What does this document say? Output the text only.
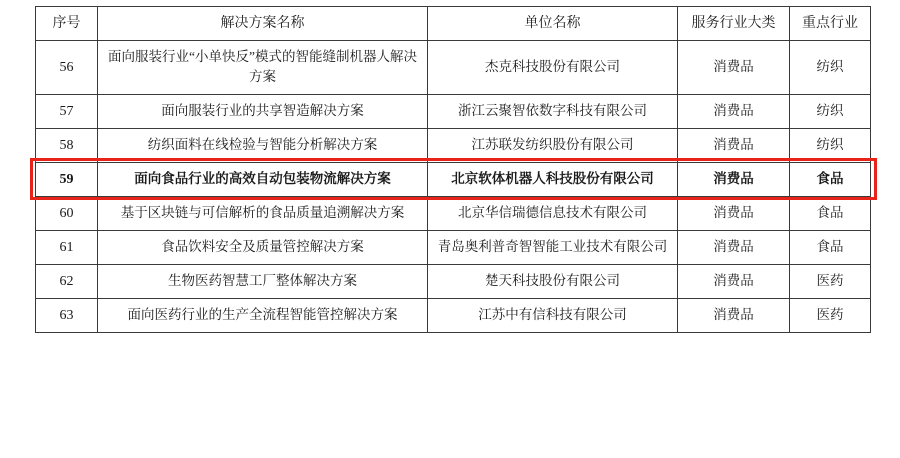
序号	解决方案名称	单位名称	服务行业大类	重点行业
56	面向服装行业“小单快反”模式的智能缝制机器人解决方案	杰克科技股份有限公司	消费品	纺织
57	面向服装行业的共享智造解决方案	浙江云聚智依数字科技有限公司	消费品	纺织
58	纺织面料在线检验与智能分析解决方案	江苏联发纺织股份有限公司	消费品	纺织
59	面向食品行业的高效自动包装物流解决方案	北京软体机器人科技股份有限公司	消费品	食品
60	基于区块链与可信解析的食品质量追溯解决方案	北京华信瑞德信息技术有限公司	消费品	食品
61	食品饮料安全及质量管控解决方案	青岛奥利普奇智智能工业技术有限公司	消费品	食品
62	生物医药智慧工厂整体解决方案	楚天科技股份有限公司	消费品	医药
63	面向医药行业的生产全流程智能管控解决方案	江苏中有信科技有限公司	消费品	医药
